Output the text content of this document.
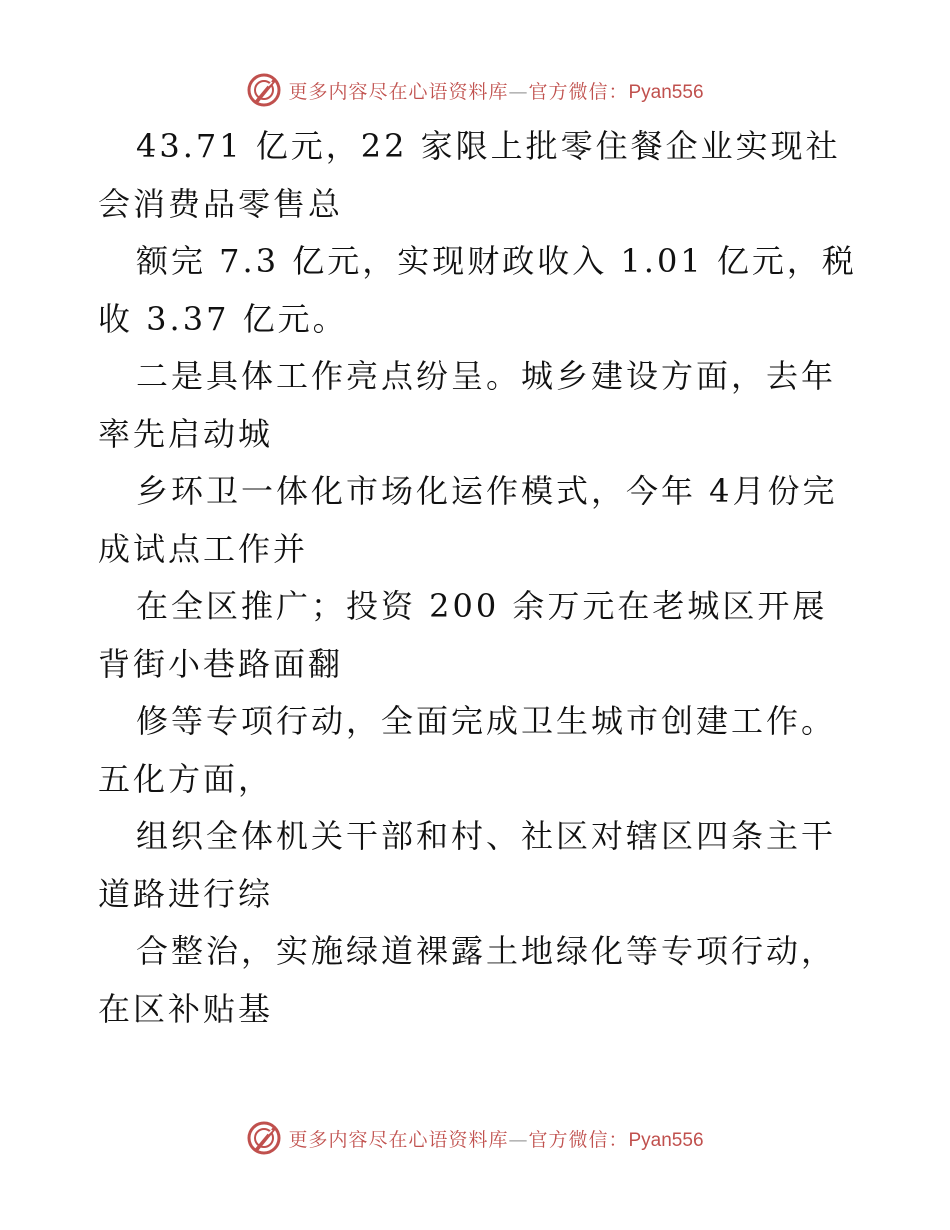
更多内容尽在心语资料库—官方微信：Pyan556

43.71 亿元，22 家限上批零住餐企业实现社会消费品零售总

额完 7.3 亿元，实现财政收入 1.01 亿元，税收 3.37 亿元。

二是具体工作亮点纷呈。城乡建设方面，去年率先启动城

乡环卫一体化市场化运作模式，今年 4月份完成试点工作并

在全区推广；投资 200 余万元在老城区开展背街小巷路面翻

修等专项行动，全面完成卫生城市创建工作。五化方面，

组织全体机关干部和村、社区对辖区四条主干道路进行综

合整治，实施绿道裸露土地绿化等专项行动，在区补贴基

更多内容尽在心语资料库—官方微信：Pyan556
